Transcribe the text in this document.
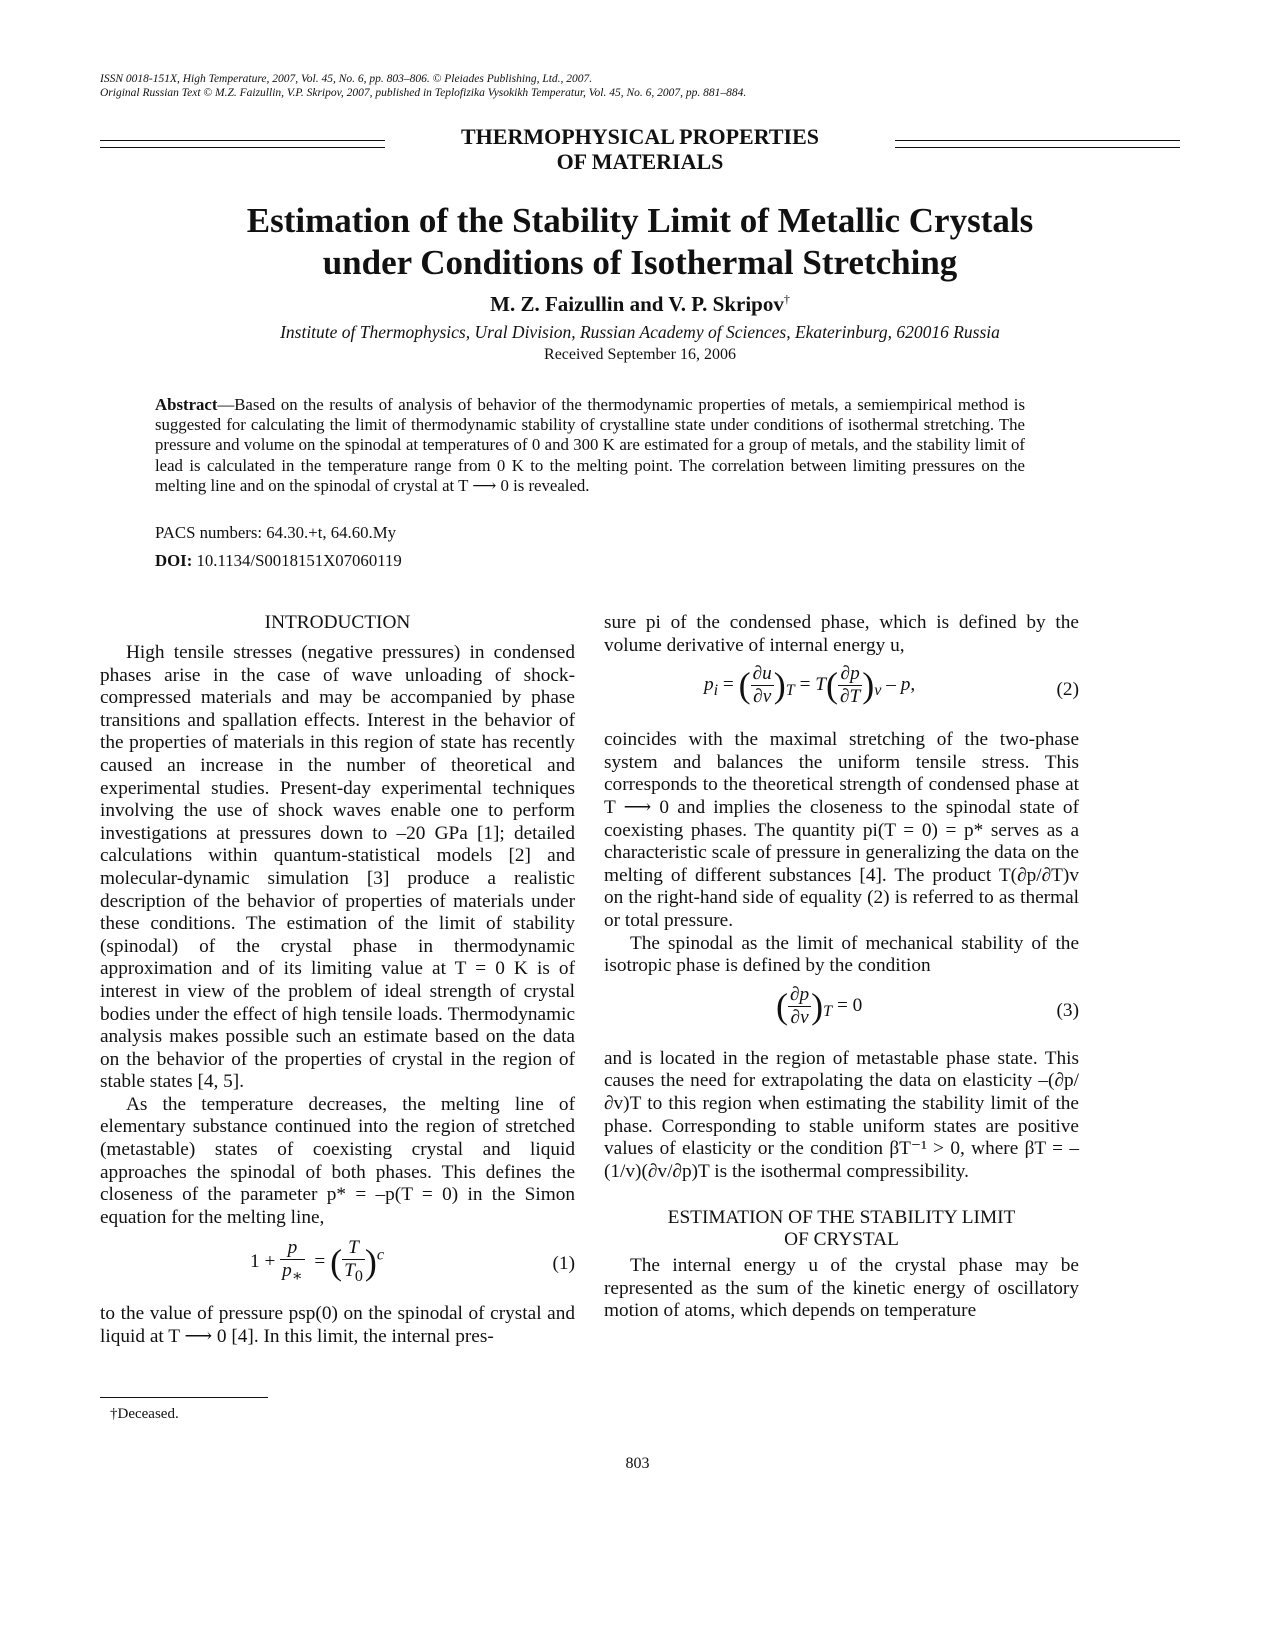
ISSN 0018-151X, High Temperature, 2007, Vol. 45, No. 6, pp. 803–806. © Pleiades Publishing, Ltd., 2007.
Original Russian Text © M.Z. Faizullin, V.P. Skripov, 2007, published in Teplofizika Vysokikh Temperatur, Vol. 45, No. 6, 2007, pp. 881–884.
THERMOPHYSICAL PROPERTIES
OF MATERIALS
Estimation of the Stability Limit of Metallic Crystals
under Conditions of Isothermal Stretching
M. Z. Faizullin and V. P. Skripov†
Institute of Thermophysics, Ural Division, Russian Academy of Sciences, Ekaterinburg, 620016 Russia
Received September 16, 2006
Abstract—Based on the results of analysis of behavior of the thermodynamic properties of metals, a semiempirical method is suggested for calculating the limit of thermodynamic stability of crystalline state under conditions of isothermal stretching. The pressure and volume on the spinodal at temperatures of 0 and 300 K are estimated for a group of metals, and the stability limit of lead is calculated in the temperature range from 0 K to the melting point. The correlation between limiting pressures on the melting line and on the spinodal of crystal at T ⟶ 0 is revealed.
PACS numbers: 64.30.+t, 64.60.My
DOI: 10.1134/S0018151X07060119
INTRODUCTION

High tensile stresses (negative pressures) in condensed phases arise in the case of wave unloading of shock-compressed materials and may be accompanied by phase transitions and spallation effects. Interest in the behavior of the properties of materials in this region of state has recently caused an increase in the number of theoretical and experimental studies. Present-day experimental techniques involving the use of shock waves enable one to perform investigations at pressures down to –20 GPa [1]; detailed calculations within quantum-statistical models [2] and molecular-dynamic simulation [3] produce a realistic description of the behavior of properties of materials under these conditions. The estimation of the limit of stability (spinodal) of the crystal phase in thermodynamic approximation and of its limiting value at T = 0 K is of interest in view of the problem of ideal strength of crystal bodies under the effect of high tensile loads. Thermodynamic analysis makes possible such an estimate based on the data on the behavior of the properties of crystal in the region of stable states [4, 5].

As the temperature decreases, the melting line of elementary substance continued into the region of stretched (metastable) states of coexisting crystal and liquid approaches the spinodal of both phases. This defines the closeness of the parameter p* = –p(T = 0) in the Simon equation for the melting line,

$1 + \frac{p}{p_∗}$ = ( $\frac{T}{T_0} )^c$	(1)

to the value of pressure psp(0) on the spinodal of crystal and liquid at T ⟶ 0 [4]. In this limit, the internal pres-

sure pi of the condensed phase, which is defined by the volume derivative of internal energy u,

$p_i$ = ( $\frac{\partial u}{\partial v} )_T = T( \frac{\partial p}{\partial T} )_v - p$,	(2)

coincides with the maximal stretching of the two-phase system and balances the uniform tensile stress. This corresponds to the theoretical strength of condensed phase at T ⟶ 0 and implies the closeness to the spinodal state of coexisting phases. The quantity pi(T = 0) = p* serves as a characteristic scale of pressure in generalizing the data on the melting of different substances [4]. The product T(∂p/∂T)v on the right-hand side of equality (2) is referred to as thermal or total pressure.

The spinodal as the limit of mechanical stability of the isotropic phase is defined by the condition

( $\frac{\partial p}{\partial v} )_T = 0$	(3)

and is located in the region of metastable phase state. This causes the need for extrapolating the data on elasticity –(∂p/∂v)T to this region when estimating the stability limit of the phase. Corresponding to stable uniform states are positive values of elasticity or the condition βT⁻¹ > 0, where βT = –(1/v)(∂v/∂p)T is the isothermal compressibility.

ESTIMATION OF THE STABILITY LIMIT
OF CRYSTAL

The internal energy u of the crystal phase may be represented as the sum of the kinetic energy of oscillatory motion of atoms, which depends on temperature

†Deceased.
803
